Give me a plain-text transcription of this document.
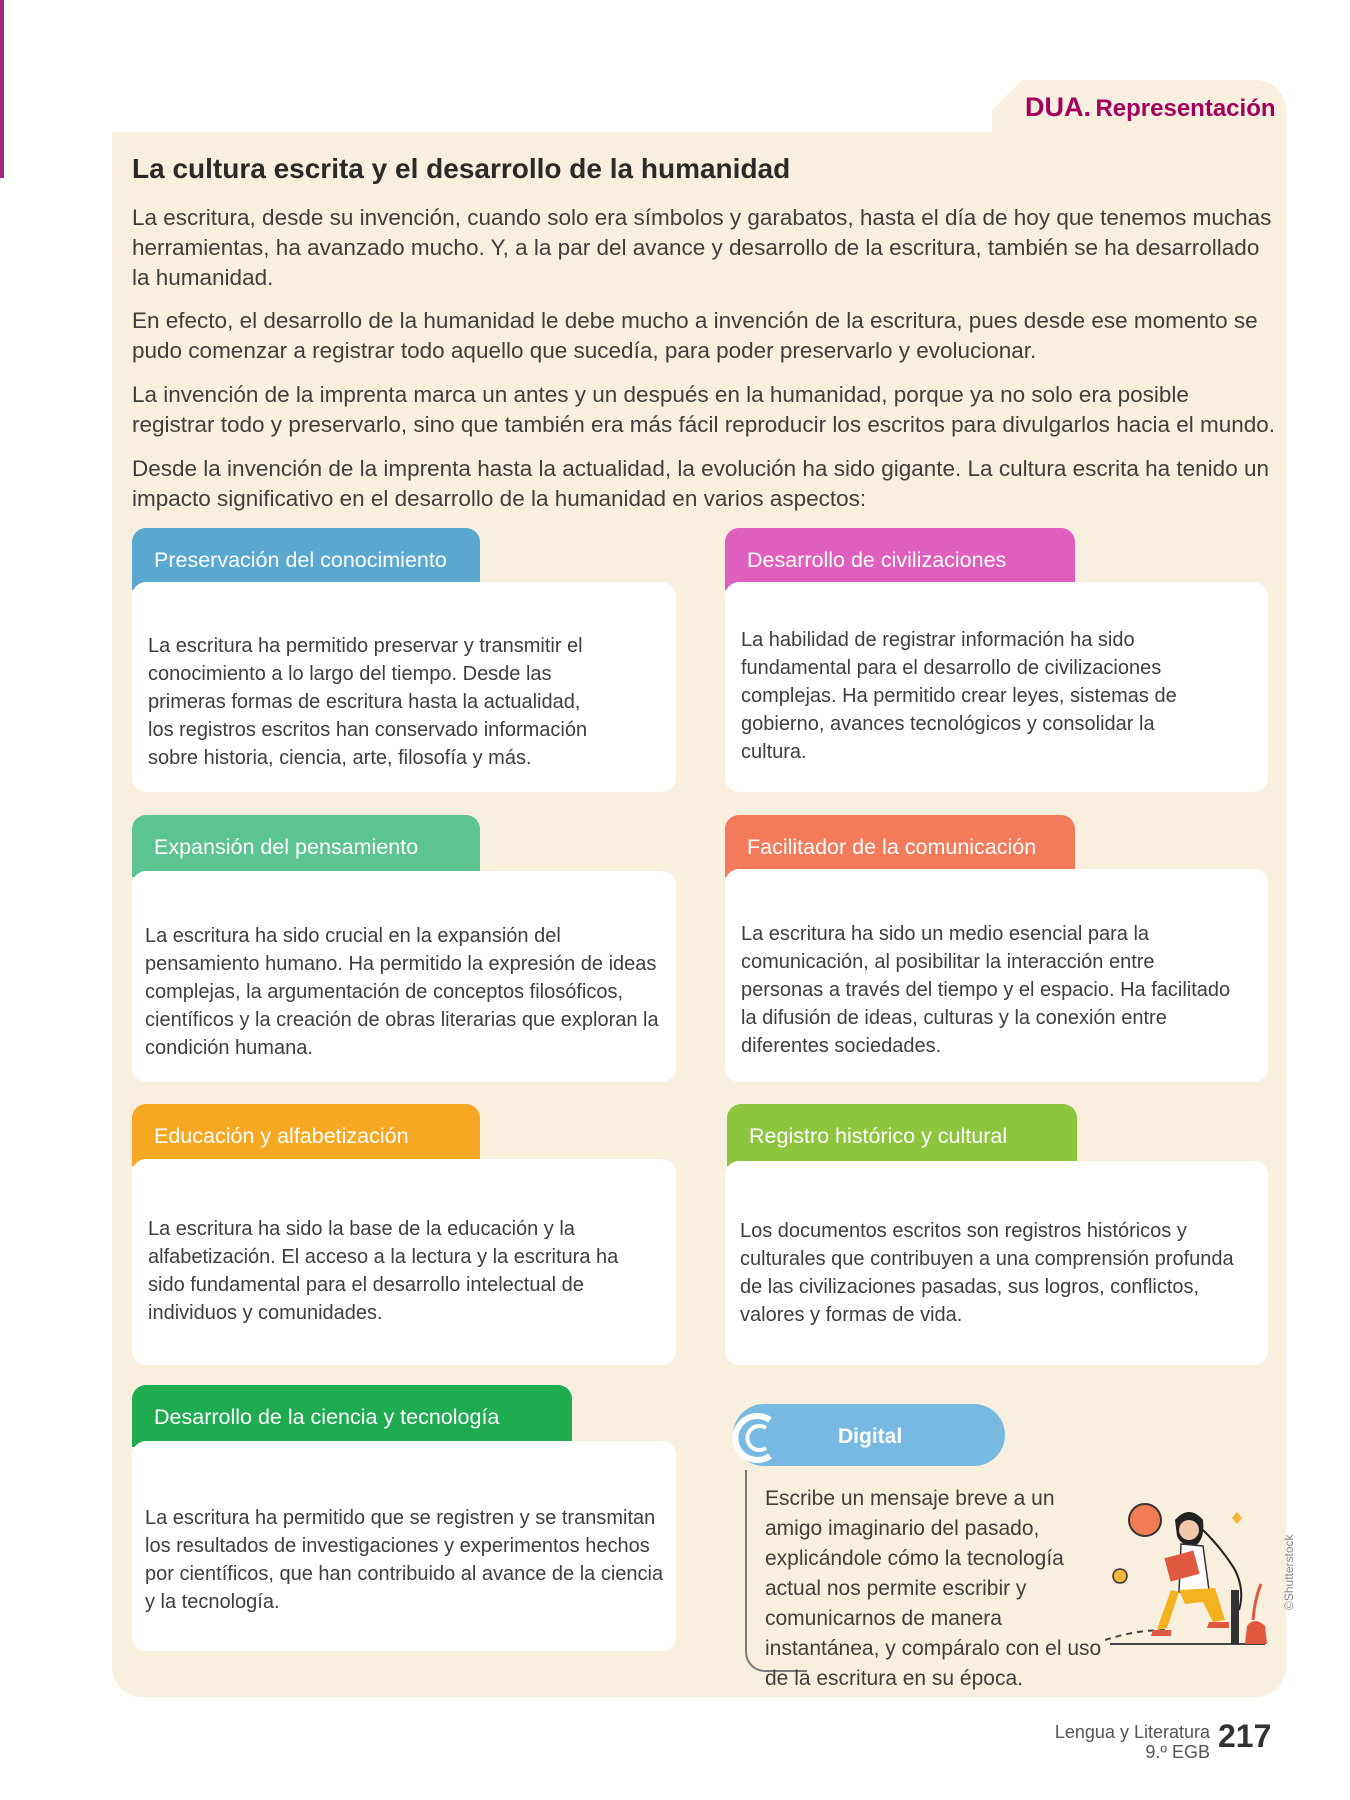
DUA. Representación
La cultura escrita y el desarrollo de la humanidad

La escritura, desde su invención, cuando solo era símbolos y garabatos, hasta el día de hoy que tenemos muchas herramientas, ha avanzado mucho. Y, a la par del avance y desarrollo de la escritura, también se ha desarrollado la humanidad.

En efecto, el desarrollo de la humanidad le debe mucho a invención de la escritura, pues desde ese momento se pudo comenzar a registrar todo aquello que sucedía, para poder preservarlo y evolucionar.

La invención de la imprenta marca un antes y un después en la humanidad, porque ya no solo era posible registrar todo y preservarlo, sino que también era más fácil reproducir los escritos para divulgarlos hacia el mundo.

Desde la invención de la imprenta hasta la actualidad, la evolución ha sido gigante. La cultura escrita ha tenido un impacto significativo en el desarrollo de la humanidad en varios aspectos:

Preservación del conocimiento

La escritura ha permitido preservar y transmitir el conocimiento a lo largo del tiempo. Desde las primeras formas de escritura hasta la actualidad, los registros escritos han conservado información sobre historia, ciencia, arte, filosofía y más.

Desarrollo de civilizaciones

La habilidad de registrar información ha sido fundamental para el desarrollo de civilizaciones complejas. Ha permitido crear leyes, sistemas de gobierno, avances tecnológicos y consolidar la cultura.

Expansión del pensamiento

La escritura ha sido crucial en la expansión del pensamiento humano. Ha permitido la expresión de ideas complejas, la argumentación de conceptos filosóficos, científicos y la creación de obras literarias que exploran la condición humana.

Facilitador de la comunicación

La escritura ha sido un medio esencial para la comunicación, al posibilitar la interacción entre personas a través del tiempo y el espacio. Ha facilitado la difusión de ideas, culturas y la conexión entre diferentes sociedades.

Educación y alfabetización

La escritura ha sido la base de la educación y la alfabetización. El acceso a la lectura y la escritura ha sido fundamental para el desarrollo intelectual de individuos y comunidades.

Registro histórico y cultural

Los documentos escritos son registros históricos y culturales que contribuyen a una comprensión profunda de las civilizaciones pasadas, sus logros, conflictos, valores y formas de vida.

Desarrollo de la ciencia y tecnología

La escritura ha permitido que se registren y se transmitan los resultados de investigaciones y experimentos hechos por científicos, que han contribuido al avance de la ciencia y la tecnología.

Digital

Escribe un mensaje breve a un amigo imaginario del pasado, explicándole cómo la tecnología actual nos permite escribir y comunicarnos de manera instantánea, y compáralo con el uso de la escritura en su época.

©Shutterstock
Lengua y Literatura
9.º EGB 217
